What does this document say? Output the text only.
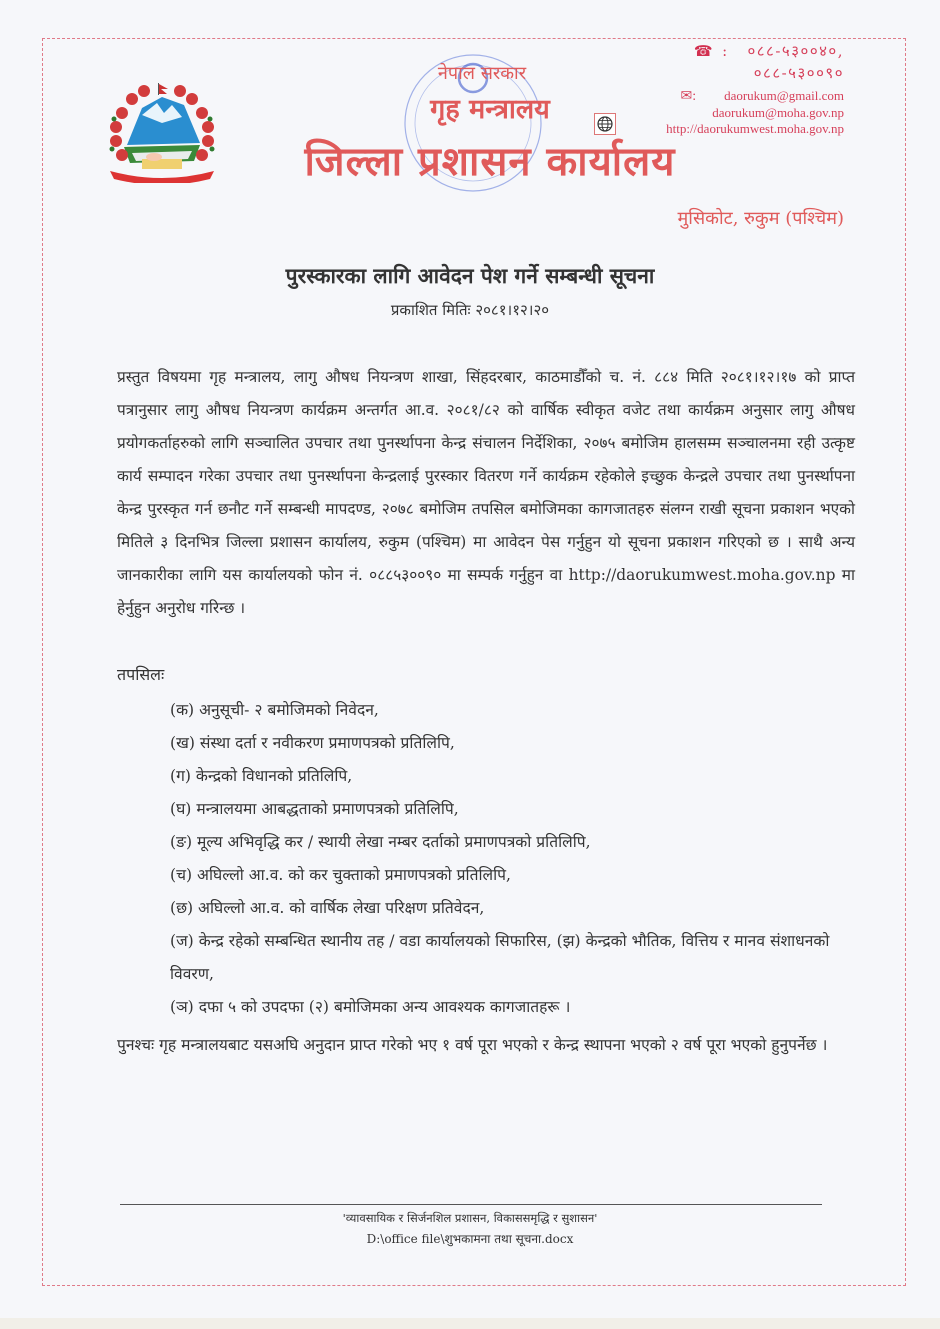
नेपाल सरकार
गृह मन्त्रालय
जिल्ला प्रशासन कार्यालय
☎ : ०८८-५३००४०,
०८८-५३००९०
✉: daorukum@gmail.com
daorukum@moha.gov.np
http://daorukumwest.moha.gov.np
मुसिकोट, रुकुम (पश्चिम)
पुरस्कारका लागि आवेदन पेश गर्ने सम्बन्धी सूचना
प्रकाशित मितिः २०८१।१२।२०
प्रस्तुत विषयमा गृह मन्त्रालय, लागु औषध नियन्त्रण शाखा, सिंहदरबार, काठमाडौँको च. नं. ८८४ मिति २०८१।१२।१७ को प्राप्त पत्रानुसार लागु औषध नियन्त्रण कार्यक्रम अन्तर्गत आ.व. २०८१/८२ को वार्षिक स्वीकृत वजेट तथा कार्यक्रम अनुसार लागु औषध प्रयोगकर्ताहरुको लागि सञ्चालित उपचार तथा पुनर्स्थापना केन्द्र संचालन निर्देशिका, २०७५ बमोजिम हालसम्म सञ्चालनमा रही उत्कृष्ट कार्य सम्पादन गरेका उपचार तथा पुनर्स्थापना केन्द्रलाई पुरस्कार वितरण गर्ने कार्यक्रम रहेकोले इच्छुक केन्द्रले उपचार तथा पुनर्स्थापना केन्द्र पुरस्कृत गर्न छनौट गर्ने सम्बन्धी मापदण्ड, २०७८ बमोजिम तपसिल बमोजिमका कागजातहरु संलग्न राखी सूचना प्रकाशन भएको मितिले ३ दिनभित्र जिल्ला प्रशासन कार्यालय, रुकुम (पश्चिम) मा आवेदन पेस गर्नुहुन यो सूचना प्रकाशन गरिएको छ । साथै अन्य जानकारीका लागि यस कार्यालयको फोन नं. ०८८५३००९० मा सम्पर्क गर्नुहुन वा http://daorukumwest.moha.gov.np मा हेर्नुहुन अनुरोध गरिन्छ ।
तपसिलः
(क) अनुसूची- २ बमोजिमको निवेदन,
(ख) संस्था दर्ता र नवीकरण प्रमाणपत्रको प्रतिलिपि,
(ग) केन्द्रको विधानको प्रतिलिपि,
(घ) मन्त्रालयमा आबद्धताको प्रमाणपत्रको प्रतिलिपि,
(ङ) मूल्य अभिवृद्धि कर / स्थायी लेखा नम्बर दर्ताको प्रमाणपत्रको प्रतिलिपि,
(च) अघिल्लो आ.व. को कर चुक्ताको प्रमाणपत्रको प्रतिलिपि,
(छ) अघिल्लो आ.व. को वार्षिक लेखा परिक्षण प्रतिवेदन,
(ज) केन्द्र रहेको सम्बन्धित स्थानीय तह / वडा कार्यालयको सिफारिस, (झ) केन्द्रको भौतिक, वित्तिय र मानव संशाधनको विवरण,
(ञ) दफा ५ को उपदफा (२) बमोजिमका अन्य आवश्यक कागजातहरू ।
पुनश्चः गृह मन्त्रालयबाट यसअघि अनुदान प्राप्त गरेको भए १ वर्ष पूरा भएको र केन्द्र स्थापना भएको २ वर्ष पूरा भएको हुनुपर्नेछ ।
'व्यावसायिक र सिर्जनशिल प्रशासन, विकाससमृद्धि र सुशासन'
D:\office file\शुभकामना तथा सूचना.docx
